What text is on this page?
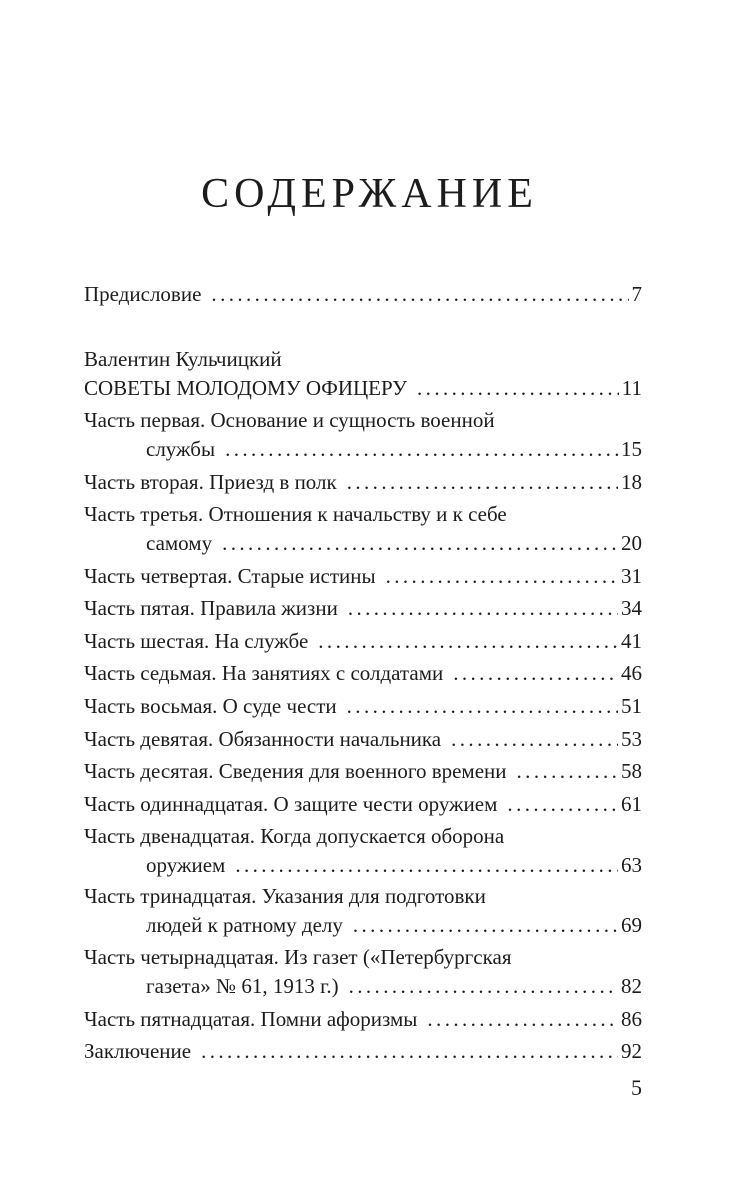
СОДЕРЖАНИЕ
Предисловие .....	7
Валентин Кульчицкий
СОВЕТЫ МОЛОДОМУ ОФИЦЕРУ .....	11
Часть первая. Основание и сущность военной
службы .....	15
Часть вторая. Приезд в полк .....	18
Часть третья. Отношения к начальству и к себе
самому .....	20
Часть четвертая. Старые истины .....	31
Часть пятая. Правила жизни .....	34
Часть шестая. На службе .....	41
Часть седьмая. На занятиях с солдатами .....	46
Часть восьмая. О суде чести .....	51
Часть девятая. Обязанности начальника .....	53
Часть десятая. Сведения для военного времени .....	58
Часть одиннадцатая. О защите чести оружием .....	61
Часть двенадцатая. Когда допускается оборона
оружием .....	63
Часть тринадцатая. Указания для подготовки
людей к ратному делу .....	69
Часть четырнадцатая. Из газет («Петербургская
газета» № 61, 1913 г.) .....	82
Часть пятнадцатая. Помни афоризмы .....	86
Заключение .....	92
5
